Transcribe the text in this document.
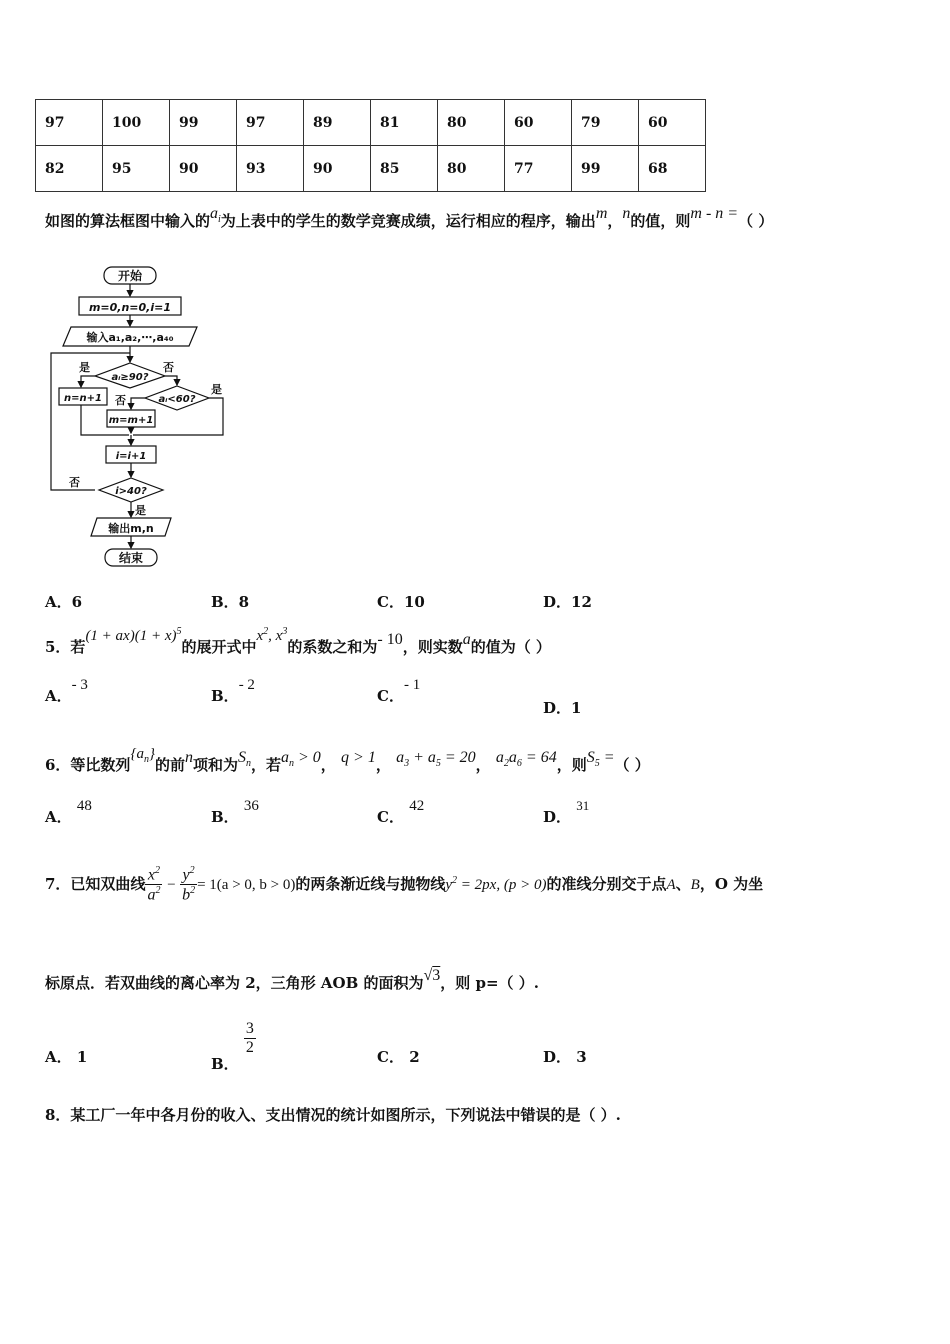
97	100	99	97	89	81	80	60	79	60
82	95	90	93	90	85	80	77	99	68
如图的算法框图中输入的$a_i$为上表中的学生的数学竞赛成绩，运行相应的程序，输出m，n的值，则m - n =（ ）
开始
m=0,n=0,i=1
输入a₁,a₂,⋯,a₄₀
aᵢ≥90?
是	否
n=n+1	aᵢ<60?
是
否
m=m+1
i=i+1
i>40?
否
是
输出m,n
结束
A．6	B．8	C．10	D．12
5．若$(1 + ax)(1 + x)^5$的展开式中$x^2$, $x^3$的系数之和为- 10，则实数a的值为（ ）
A．- 3
B．- 2
C．- 1
D．1
6．等比数列$\{a_n\}$的前n项和为$S_n$，若$a_n > 0$， q > 1， $a_3 + a_5 = 20$， $a_2a_6 = 64$，则$S_5$ =（ ）
A． 48
B． 36
C． 42
D． 31
7．已知双曲线 $\frac{x^2}{a^2} - \frac{y^2}{b^2} = 1(a > 0$, b > 0)的两条渐近线与抛物线$y^2 = 2px$, (p > 0)的准线分别交于点A、B，O 为坐
标原点．若双曲线的离心率为 2，三角形 AOB 的面积为√3，则 p=（ ）.
A． 1	B．
$\frac{3}{2}$	C． 2	D． 3
8．某工厂一年中各月份的收入、支出情况的统计如图所示，下列说法中错误的是（ ）.
